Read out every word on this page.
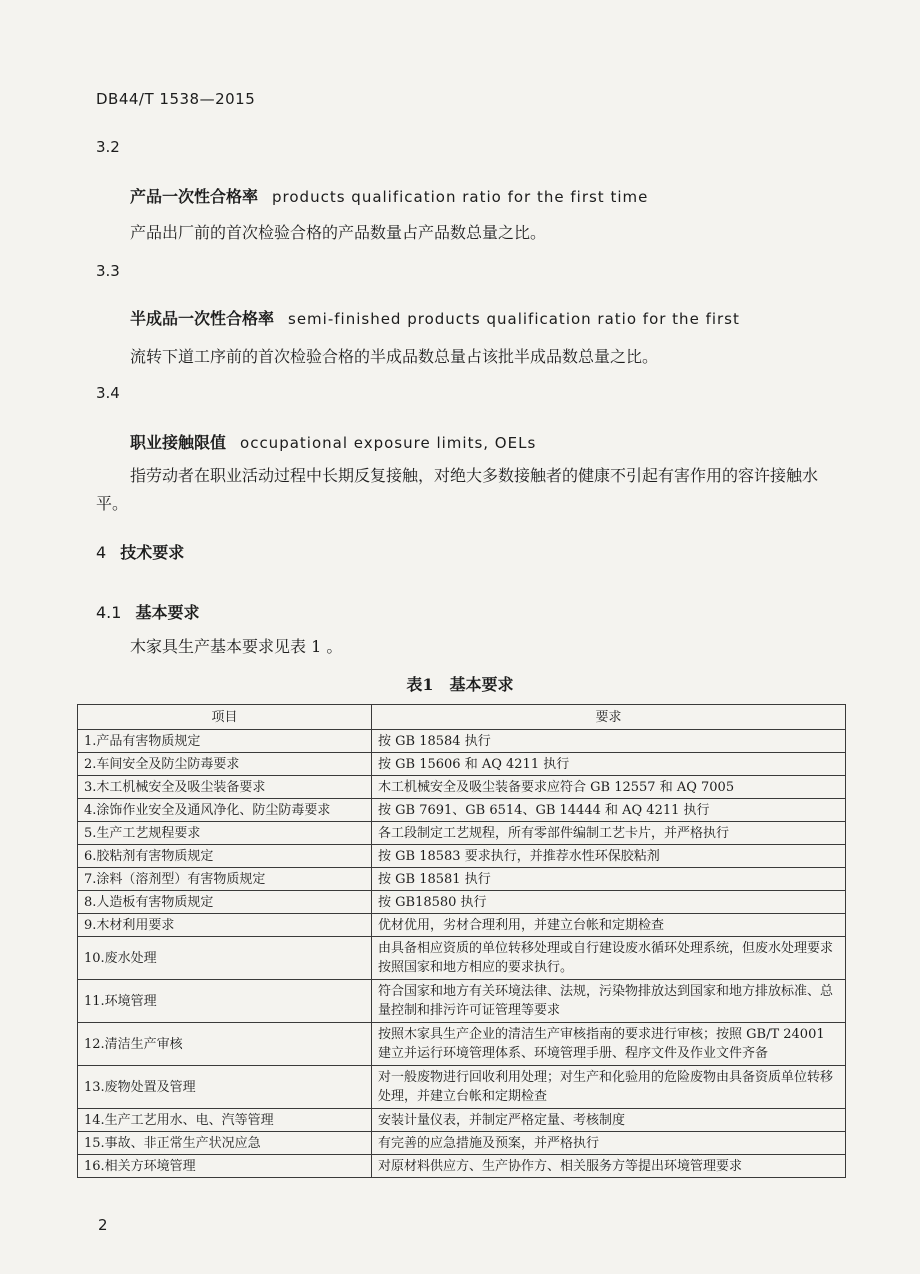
DB44/T 1538—2015
3.2
产品一次性合格率 products qualification ratio for the first time
产品出厂前的首次检验合格的产品数量占产品数总量之比。
3.3
半成品一次性合格率 semi-finished products qualification ratio for the first
流转下道工序前的首次检验合格的半成品数总量占该批半成品数总量之比。
3.4
职业接触限值 occupational exposure limits, OELs
指劳动者在职业活动过程中长期反复接触，对绝大多数接触者的健康不引起有害作用的容许接触水平。
4 技术要求
4.1 基本要求
木家具生产基本要求见表 1 。
表1　基本要求
项目	要求
1.产品有害物质规定	按 GB 18584 执行
2.车间安全及防尘防毒要求	按 GB 15606 和 AQ 4211 执行
3.木工机械安全及吸尘装备要求	木工机械安全及吸尘装备要求应符合 GB 12557 和 AQ 7005
4.涂饰作业安全及通风净化、防尘防毒要求	按 GB 7691、GB 6514、GB 14444 和 AQ 4211 执行
5.生产工艺规程要求	各工段制定工艺规程，所有零部件编制工艺卡片，并严格执行
6.胶粘剂有害物质规定	按 GB 18583 要求执行，并推荐水性环保胶粘剂
7.涂料（溶剂型）有害物质规定	按 GB 18581 执行
8.人造板有害物质规定	按 GB18580 执行
9.木材利用要求	优材优用，劣材合理利用，并建立台帐和定期检查
10.废水处理	由具备相应资质的单位转移处理或自行建设废水循环处理系统，但废水处理要求按照国家和地方相应的要求执行。
11.环境管理	符合国家和地方有关环境法律、法规，污染物排放达到国家和地方排放标准、总量控制和排污许可证管理等要求
12.清洁生产审核	按照木家具生产企业的清洁生产审核指南的要求进行审核；按照 GB/T 24001 建立并运行环境管理体系、环境管理手册、程序文件及作业文件齐备
13.废物处置及管理	对一般废物进行回收利用处理；对生产和化验用的危险废物由具备资质单位转移处理，并建立台帐和定期检查
14.生产工艺用水、电、汽等管理	安装计量仪表，并制定严格定量、考核制度
15.事故、非正常生产状况应急	有完善的应急措施及预案，并严格执行
16.相关方环境管理	对原材料供应方、生产协作方、相关服务方等提出环境管理要求
2
